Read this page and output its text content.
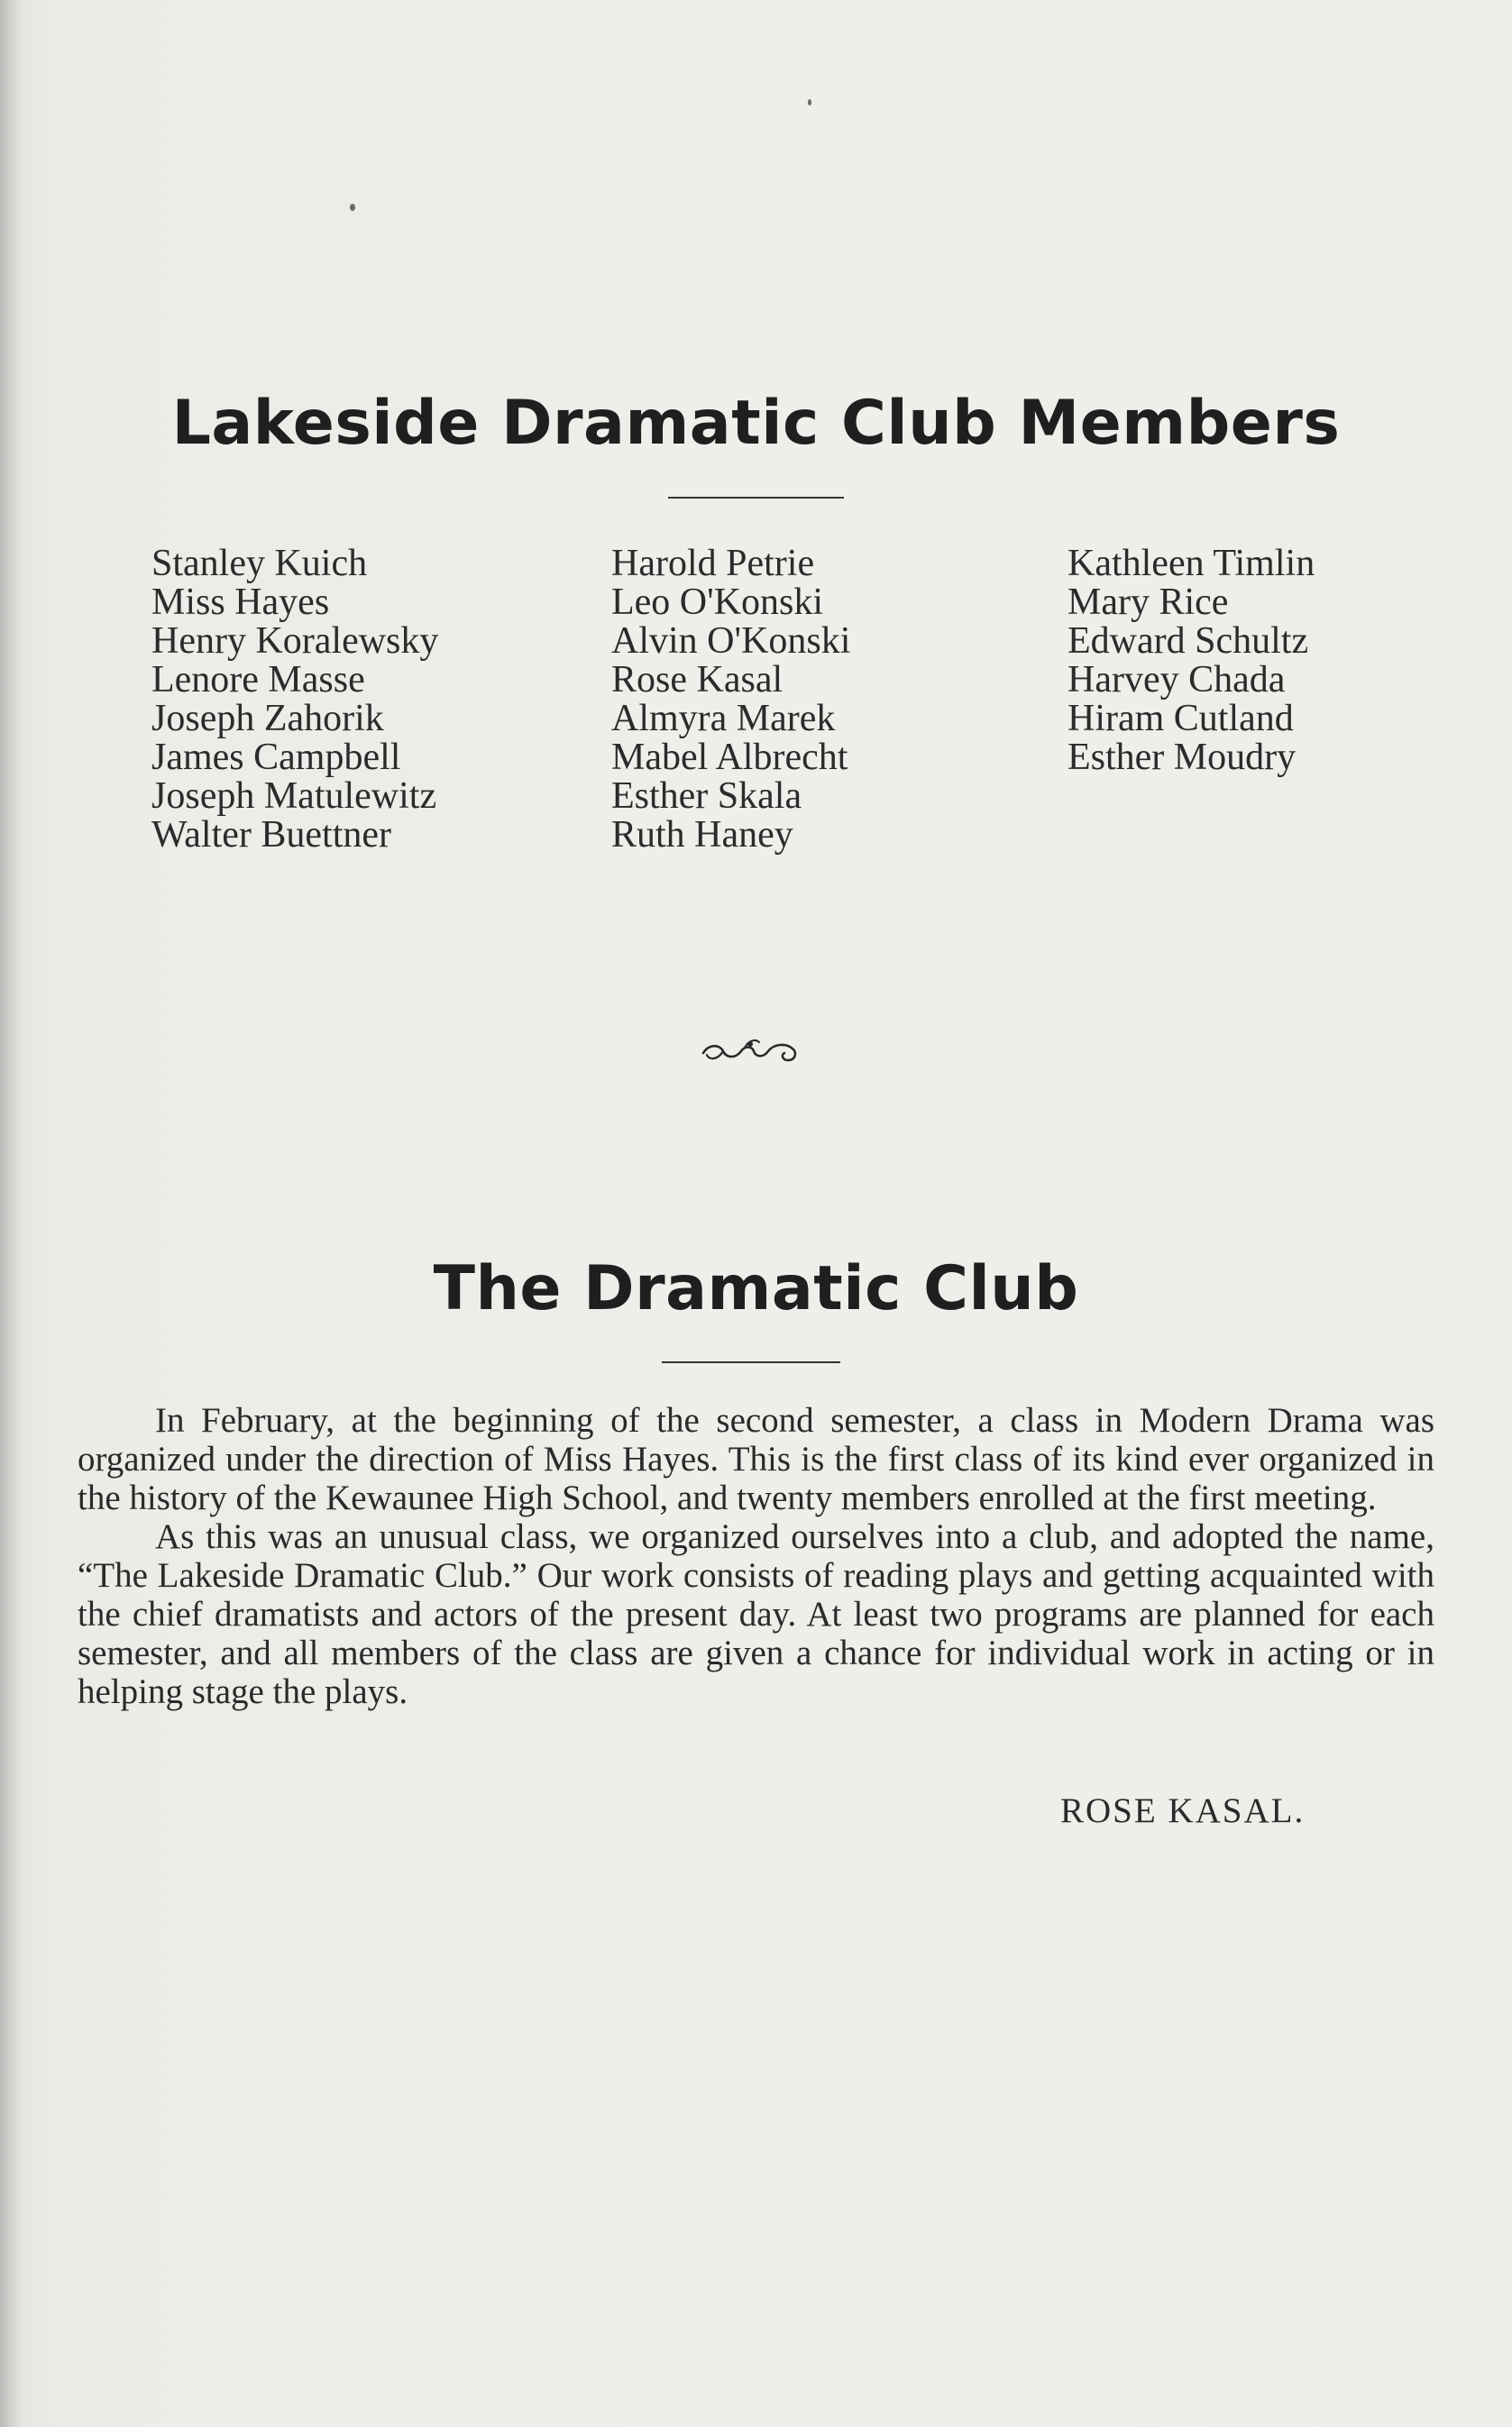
Lakeside Dramatic Club Members
Stanley Kuich
Miss Hayes
Henry Koralewsky
Lenore Masse
Joseph Zahorik
James Campbell
Joseph Matulewitz
Walter Buettner
Harold Petrie
Leo O'Konski
Alvin O'Konski
Rose Kasal
Almyra Marek
Mabel Albrecht
Esther Skala
Ruth Haney
Kathleen Timlin
Mary Rice
Edward Schultz
Harvey Chada
Hiram Cutland
Esther Moudry
The Dramatic Club

In February, at the beginning of the second semester, a class in Modern Drama was organized under the direction of Miss Hayes. This is the first class of its kind ever organized in the history of the Kewaunee High School, and twenty members enrolled at the first meeting.

As this was an unusual class, we organized ourselves into a club, and adopted the name, “The Lakeside Dramatic Club.” Our work consists of reading plays and getting acquainted with the chief dramatists and actors of the present day. At least two programs are planned for each semester, and all members of the class are given a chance for individual work in acting or in helping stage the plays.

ROSE KASAL.
